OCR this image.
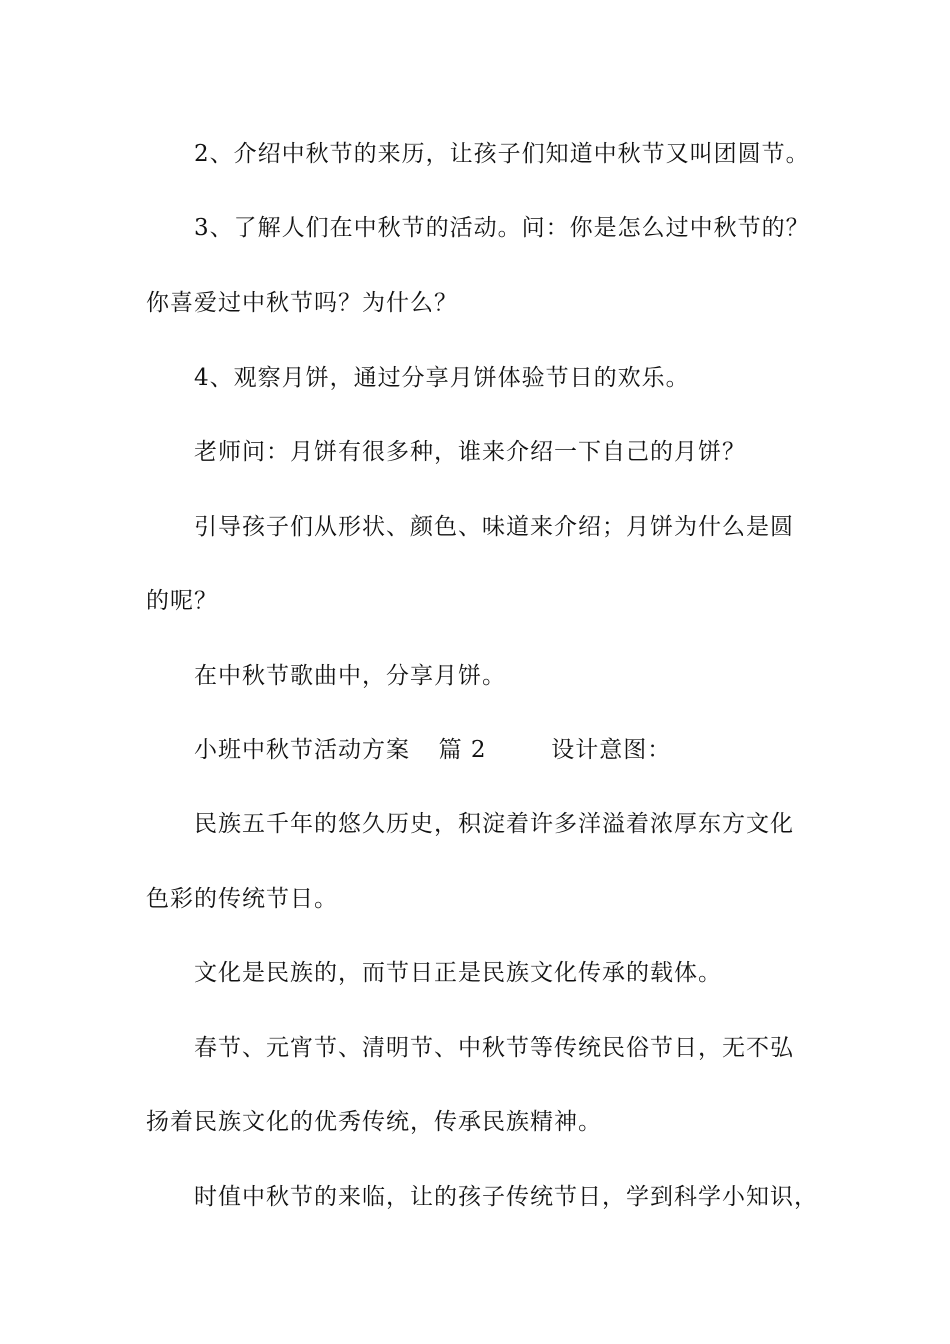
2、介绍中秋节的来历，让孩子们知道中秋节又叫团圆节。
3、了解人们在中秋节的活动。问：你是怎么过中秋节的？
你喜爱过中秋节吗？为什么？
4、观察月饼，通过分享月饼体验节日的欢乐。
老师问：月饼有很多种，谁来介绍一下自己的月饼？
引导孩子们从形状、颜色、味道来介绍；月饼为什么是圆
的呢？
在中秋节歌曲中，分享月饼。
小班中秋节活动方案 篇 2	设计意图：
民族五千年的悠久历史，积淀着许多洋溢着浓厚东方文化
色彩的传统节日。
文化是民族的，而节日正是民族文化传承的载体。
春节、元宵节、清明节、中秋节等传统民俗节日，无不弘
扬着民族文化的优秀传统，传承民族精神。
时值中秋节的来临，让的孩子传统节日，学到科学小知识，
